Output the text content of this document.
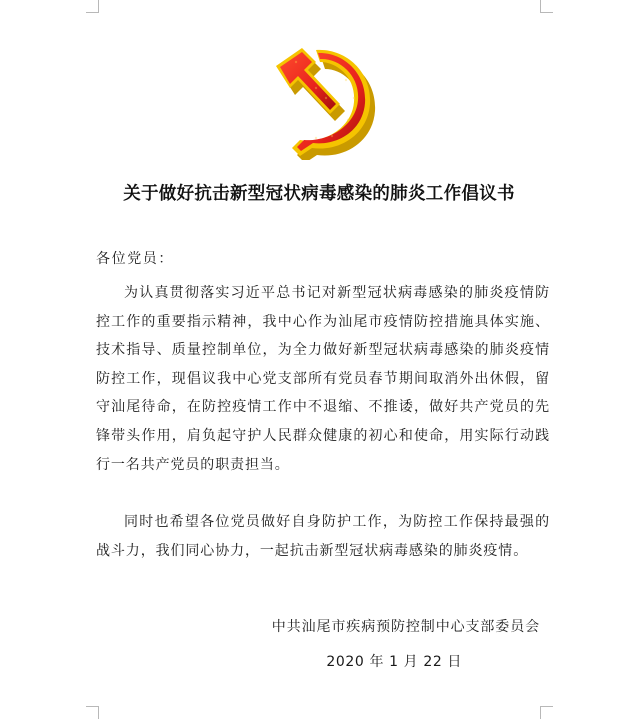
关于做好抗击新型冠状病毒感染的肺炎工作倡议书
各位党员：

为认真贯彻落实习近平总书记对新型冠状病毒感染的肺炎疫情防控工作的重要指示精神，我中心作为汕尾市疫情防控措施具体实施、技术指导、质量控制单位，为全力做好新型冠状病毒感染的肺炎疫情防控工作，现倡议我中心党支部所有党员春节期间取消外出休假，留守汕尾待命，在防控疫情工作中不退缩、不推诿，做好共产党员的先锋带头作用，肩负起守护人民群众健康的初心和使命，用实际行动践行一名共产党员的职责担当。

同时也希望各位党员做好自身防护工作，为防控工作保持最强的战斗力，我们同心协力，一起抗击新型冠状病毒感染的肺炎疫情。

中共汕尾市疾病预防控制中心支部委员会
2020 年 1 月 22 日
